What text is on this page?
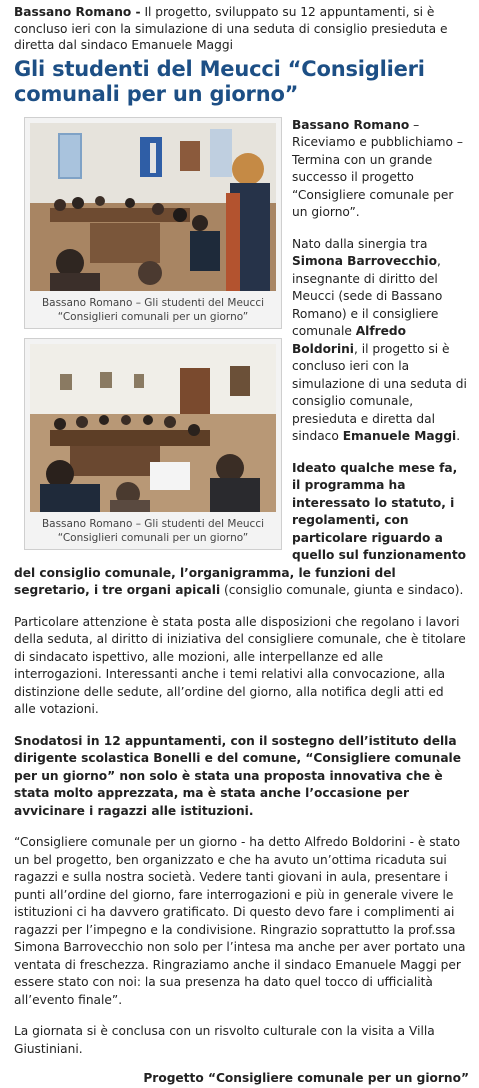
Bassano Romano - Il progetto, sviluppato su 12 appuntamenti, si è concluso ieri con la simulazione di una seduta di consiglio presieduta e diretta dal sindaco Emanuele Maggi

Gli studenti del Meucci “Consiglieri comunali per un giorno”
Bassano Romano – Gli studenti del Meucci “Consiglieri comunali per un giorno”
Bassano Romano – Gli studenti del Meucci “Consiglieri comunali per un giorno”

Bassano Romano – Riceviamo e pubblichiamo – Termina con un grande successo il progetto “Consigliere comunale per un giorno”.

Nato dalla sinergia tra Simona Barrovecchio, insegnante di diritto del Meucci (sede di Bassano Romano) e il consigliere comunale Alfredo Boldorini, il progetto si è concluso ieri con la simulazione di una seduta di consiglio comunale, presieduta e diretta dal sindaco Emanuele Maggi.

Ideato qualche mese fa, il programma ha interessato lo statuto, i regolamenti, con particolare riguardo a quello sul funzionamento del consiglio comunale, l’organigramma, le funzioni del segretario, i tre organi apicali (consiglio comunale, giunta e sindaco).

Particolare attenzione è stata posta alle disposizioni che regolano i lavori della seduta, al diritto di iniziativa del consigliere comunale, che è titolare di sindacato ispettivo, alle mozioni, alle interpellanze ed alle interrogazioni. Interessanti anche i temi relativi alla convocazione, alla distinzione delle sedute, all’ordine del giorno, alla notifica degli atti ed alle votazioni.

Snodatosi in 12 appuntamenti, con il sostegno dell’istituto della dirigente scolastica Bonelli e del comune, “Consigliere comunale per un giorno” non solo è stata una proposta innovativa che è stata molto apprezzata, ma è stata anche l’occasione per avvicinare i ragazzi alle istituzioni.

“Consigliere comunale per un giorno - ha detto Alfredo Boldorini - è stato un bel progetto, ben organizzato e che ha avuto un’ottima ricaduta sui ragazzi e sulla nostra società. Vedere tanti giovani in aula, presentare i punti all’ordine del giorno, fare interrogazioni e più in generale vivere le istituzioni ci ha davvero gratificato. Di questo devo fare i complimenti ai ragazzi per l’impegno e la condivisione. Ringrazio soprattutto la prof.ssa Simona Barrovecchio non solo per l’intesa ma anche per aver portato una ventata di freschezza. Ringraziamo anche il sindaco Emanuele Maggi per essere stato con noi: la sua presenza ha dato quel tocco di ufficialità all’evento finale”.

La giornata si è conclusa con un risvolto culturale con la visita a Villa Giustiniani.

Progetto “Consigliere comunale per un giorno”
